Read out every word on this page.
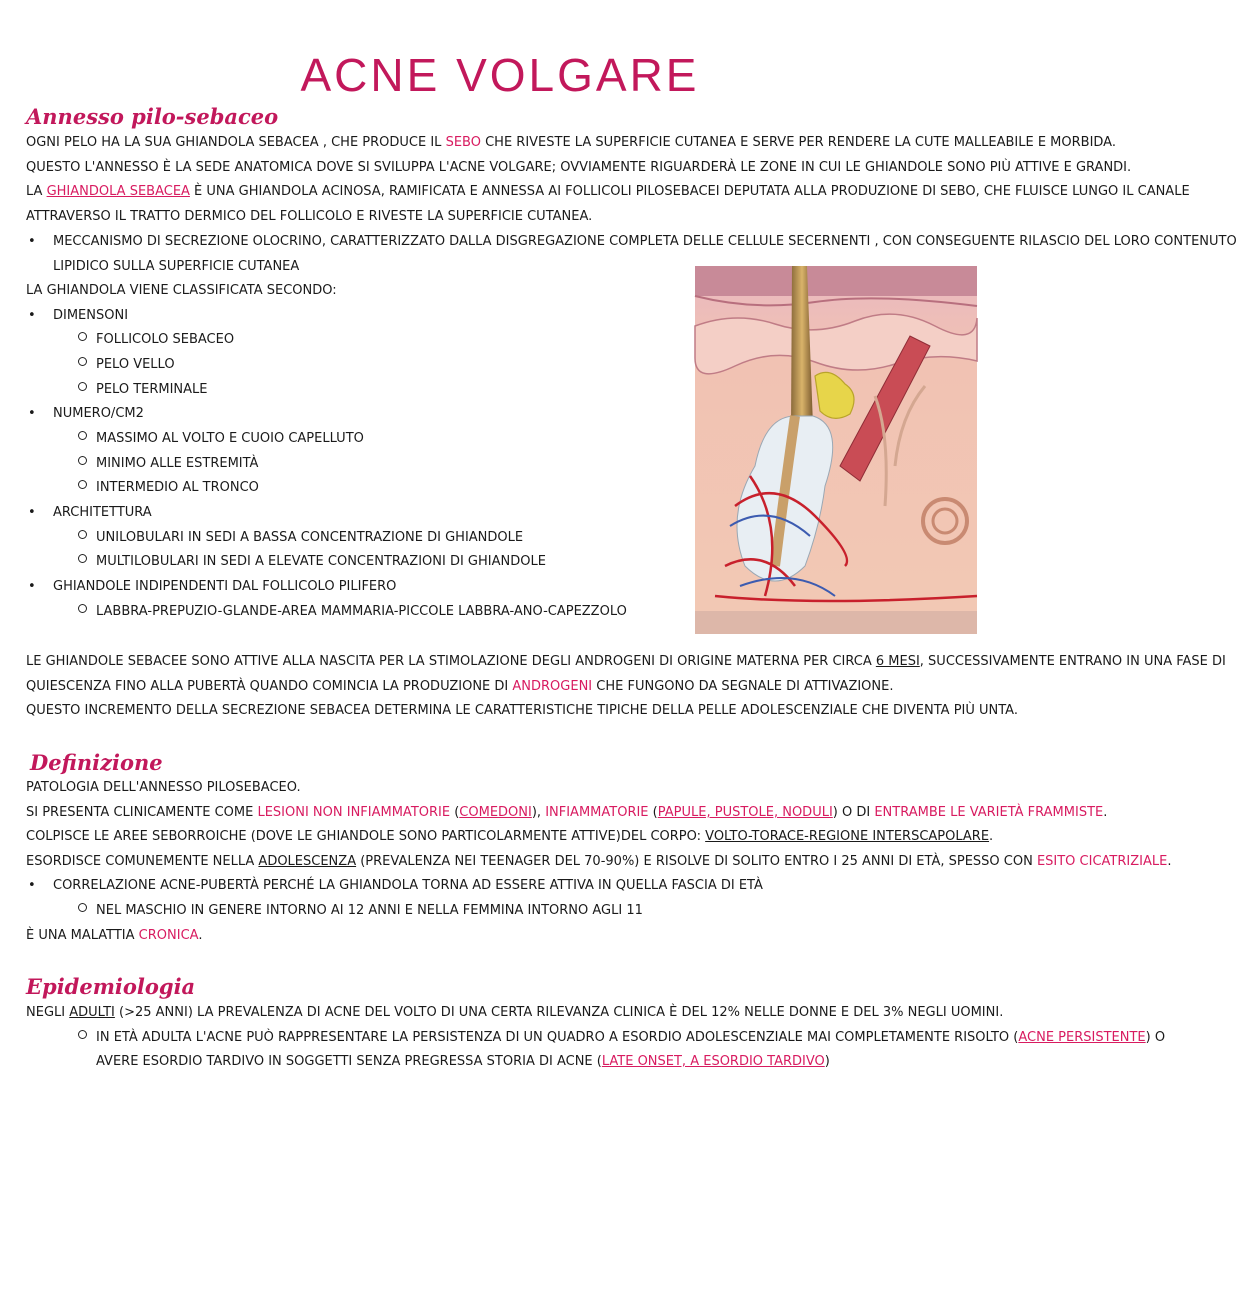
ACNE VOLGARE
Annesso pilo-sebaceo

OGNI PELO HA LA SUA GHIANDOLA SEBACEA , CHE PRODUCE IL SEBO CHE RIVESTE LA SUPERFICIE CUTANEA E SERVE PER RENDERE LA CUTE MALLEABILE E MORBIDA.

QUESTO L'ANNESSO È LA SEDE ANATOMICA DOVE SI SVILUPPA L'ACNE VOLGARE; OVVIAMENTE RIGUARDERÀ LE ZONE IN CUI LE GHIANDOLE SONO PIÙ ATTIVE E GRANDI.

LA GHIANDOLA SEBACEA È UNA GHIANDOLA ACINOSA, RAMIFICATA E ANNESSA AI FOLLICOLI PILOSEBACEI DEPUTATA ALLA PRODUZIONE DI SEBO, CHE FLUISCE LUNGO IL CANALE

ATTRAVERSO IL TRATTO DERMICO DEL FOLLICOLO E RIVESTE LA SUPERFICIE CUTANEA.

• MECCANISMO DI SECREZIONE OLOCRINO, CARATTERIZZATO DALLA DISGREGAZIONE COMPLETA DELLE CELLULE SECERNENTI , CON CONSEGUENTE RILASCIO DEL LORO CONTENUTO

LIPIDICO SULLA SUPERFICIE CUTANEA

LA GHIANDOLA VIENE CLASSIFICATA SECONDO:

• DIMENSONI

FOLLICOLO SEBACEO

PELO VELLO

PELO TERMINALE

• NUMERO/CM2

MASSIMO AL VOLTO E CUOIO CAPELLUTO

MINIMO ALLE ESTREMITÀ

INTERMEDIO AL TRONCO

• ARCHITETTURA

UNILOBULARI IN SEDI A BASSA CONCENTRAZIONE DI GHIANDOLE

MULTILOBULARI IN SEDI A ELEVATE CONCENTRAZIONI DI GHIANDOLE

• GHIANDOLE INDIPENDENTI DAL FOLLICOLO PILIFERO

LABBRA-PREPUZIO-GLANDE-AREA MAMMARIA-PICCOLE LABBRA-ANO-CAPEZZOLO

LE GHIANDOLE SEBACEE SONO ATTIVE ALLA NASCITA PER LA STIMOLAZIONE DEGLI ANDROGENI DI ORIGINE MATERNA PER CIRCA 6 MESI, SUCCESSIVAMENTE ENTRANO IN UNA FASE DI

QUIESCENZA FINO ALLA PUBERTÀ QUANDO COMINCIA LA PRODUZIONE DI ANDROGENI CHE FUNGONO DA SEGNALE DI ATTIVAZIONE.

QUESTO INCREMENTO DELLA SECREZIONE SEBACEA DETERMINA LE CARATTERISTICHE TIPICHE DELLA PELLE ADOLESCENZIALE CHE DIVENTA PIÙ UNTA.

Definizione

PATOLOGIA DELL'ANNESSO PILOSEBACEO.

SI PRESENTA CLINICAMENTE COME LESIONI NON INFIAMMATORIE (COMEDONI), INFIAMMATORIE (PAPULE, PUSTOLE, NODULI) O DI ENTRAMBE LE VARIETÀ FRAMMISTE.

COLPISCE LE AREE SEBORROICHE (DOVE LE GHIANDOLE SONO PARTICOLARMENTE ATTIVE)DEL CORPO: VOLTO-TORACE-REGIONE INTERSCAPOLARE.

ESORDISCE COMUNEMENTE NELLA ADOLESCENZA (PREVALENZA NEI TEENAGER DEL 70-90%) E RISOLVE DI SOLITO ENTRO I 25 ANNI DI ETÀ, SPESSO CON ESITO CICATRIZIALE.

• CORRELAZIONE ACNE-PUBERTÀ PERCHÉ LA GHIANDOLA TORNA AD ESSERE ATTIVA IN QUELLA FASCIA DI ETÀ

NEL MASCHIO IN GENERE INTORNO AI 12 ANNI E NELLA FEMMINA INTORNO AGLI 11

È UNA MALATTIA CRONICA.

Epidemiologia

NEGLI ADULTI (>25 ANNI) LA PREVALENZA DI ACNE DEL VOLTO DI UNA CERTA RILEVANZA CLINICA È DEL 12% NELLE DONNE E DEL 3% NEGLI UOMINI.

IN ETÀ ADULTA L'ACNE PUÒ RAPPRESENTARE LA PERSISTENZA DI UN QUADRO A ESORDIO ADOLESCENZIALE MAI COMPLETAMENTE RISOLTO (ACNE PERSISTENTE) O

AVERE ESORDIO TARDIVO IN SOGGETTI SENZA PREGRESSA STORIA DI ACNE (LATE ONSET, A ESORDIO TARDIVO)
